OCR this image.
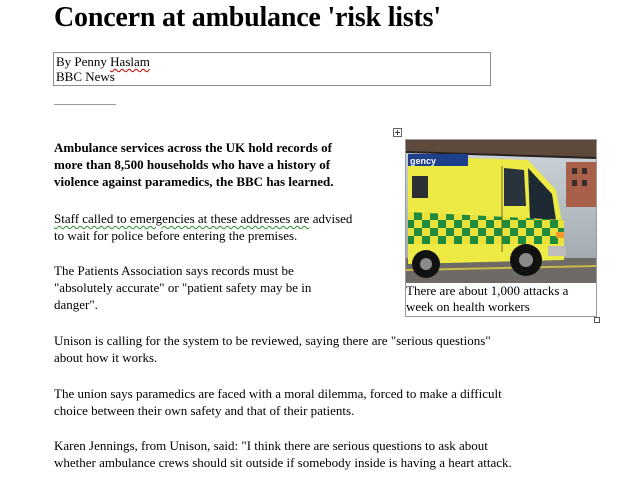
Concern at ambulance 'risk lists'
By Penny Haslam
BBC News
Ambulance services across the UK hold records of
more than 8,500 households who have a history of
violence against paramedics, the BBC has learned.
Staff called to emergencies at these addresses are advised
to wait for police before entering the premises.
The Patients Association says records must be
"absolutely accurate" or "patient safety may be in
danger".
Unison is calling for the system to be reviewed, saying there are "serious questions"
about how it works.
The union says paramedics are faced with a moral dilemma, forced to make a difficult
choice between their own safety and that of their patients.
Karen Jennings, from Unison, said: "I think there are serious questions to ask about
whether ambulance crews should sit outside if somebody inside is having a heart attack.
gency
There are about 1,000 attacks a
week on health workers
